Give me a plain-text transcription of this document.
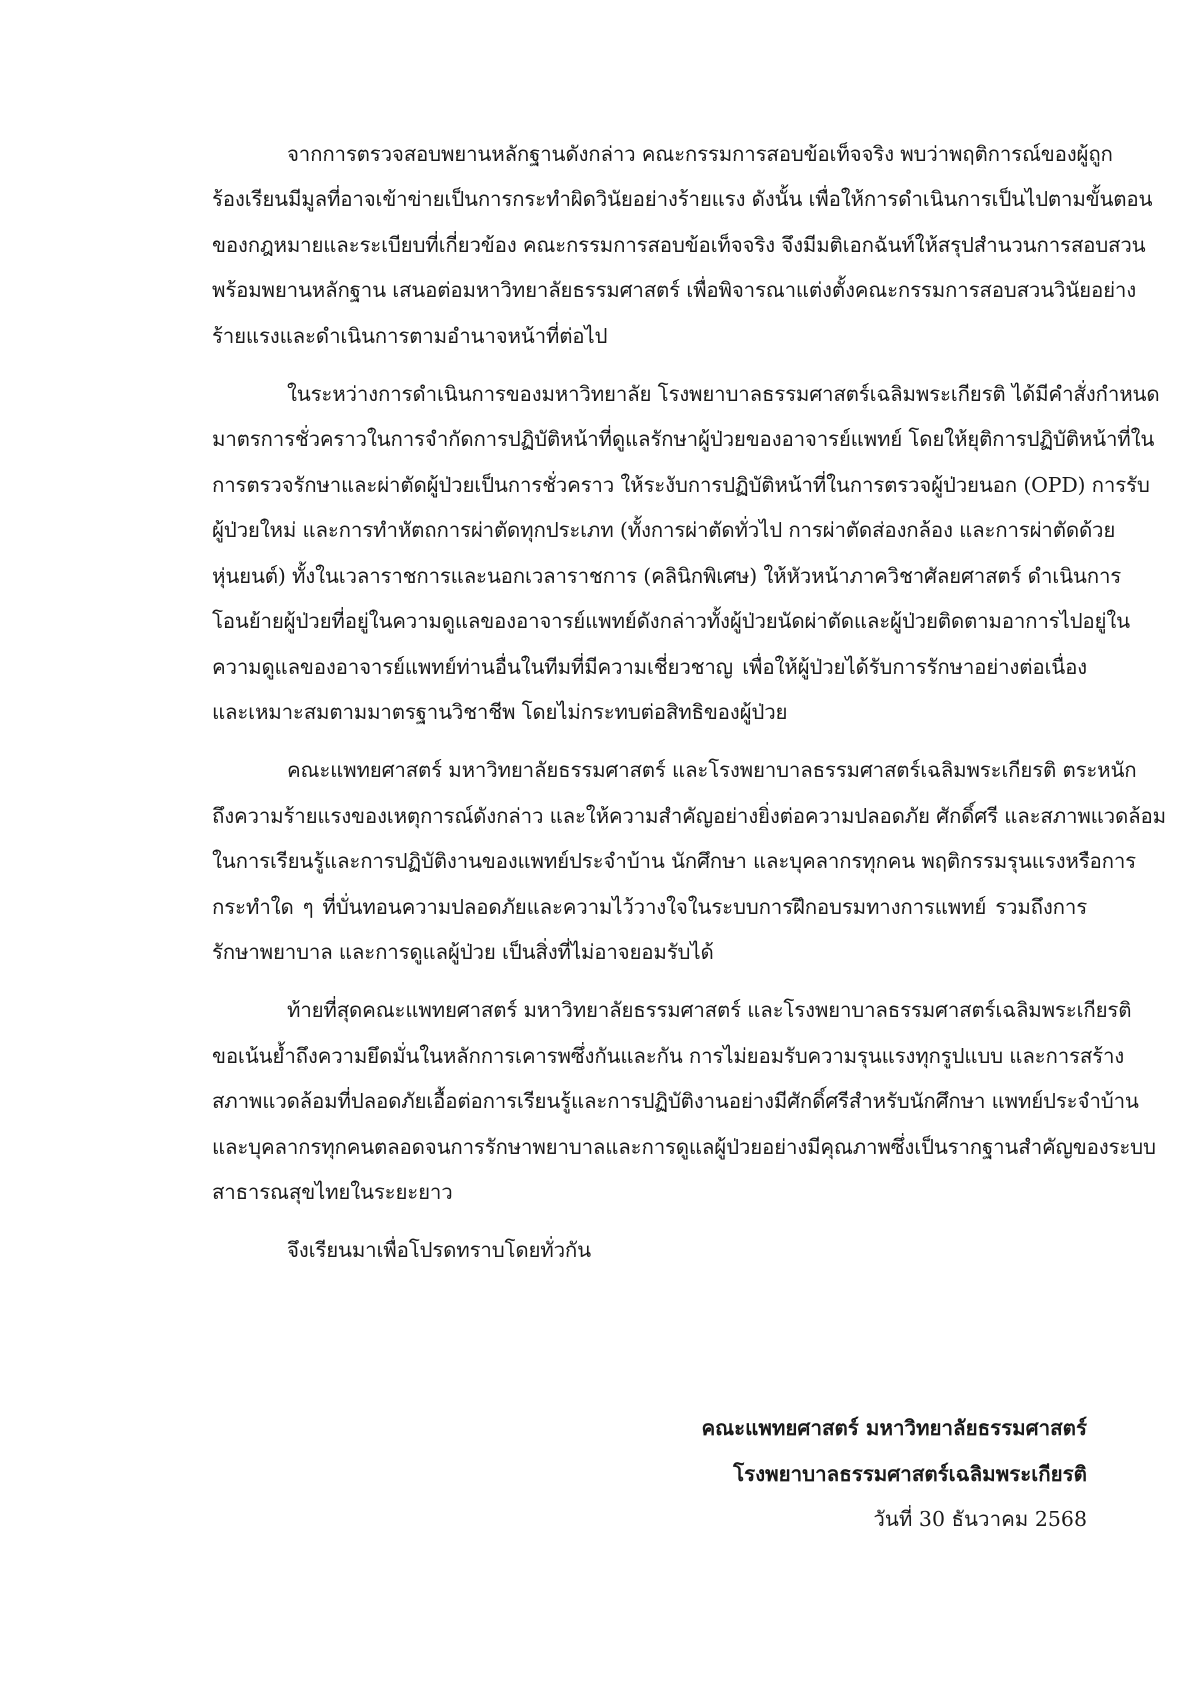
จากการตรวจสอบพยานหลักฐานดังกล่าว คณะกรรมการสอบข้อเท็จจริง พบว่าพฤติการณ์ของผู้ถูก
ร้องเรียนมีมูลที่อาจเข้าข่ายเป็นการกระทำผิดวินัยอย่างร้ายแรง ดังนั้น เพื่อให้การดำเนินการเป็นไปตามขั้นตอน
ของกฎหมายและระเบียบที่เกี่ยวข้อง คณะกรรมการสอบข้อเท็จจริง จึงมีมติเอกฉันท์ให้สรุปสำนวนการสอบสวน
พร้อมพยานหลักฐาน เสนอต่อมหาวิทยาลัยธรรมศาสตร์ เพื่อพิจารณาแต่งตั้งคณะกรรมการสอบสวนวินัยอย่าง
ร้ายแรงและดำเนินการตามอำนาจหน้าที่ต่อไป
ในระหว่างการดำเนินการของมหาวิทยาลัย โรงพยาบาลธรรมศาสตร์เฉลิมพระเกียรติ ได้มีคำสั่งกำหนด
มาตรการชั่วคราวในการจำกัดการปฏิบัติหน้าที่ดูแลรักษาผู้ป่วยของอาจารย์แพทย์ โดยให้ยุติการปฏิบัติหน้าที่ใน
การตรวจรักษาและผ่าตัดผู้ป่วยเป็นการชั่วคราว ให้ระงับการปฏิบัติหน้าที่ในการตรวจผู้ป่วยนอก (OPD) การรับ
ผู้ป่วยใหม่ และการทำหัตถการผ่าตัดทุกประเภท (ทั้งการผ่าตัดทั่วไป การผ่าตัดส่องกล้อง และการผ่าตัดด้วย
หุ่นยนต์) ทั้งในเวลาราชการและนอกเวลาราชการ (คลินิกพิเศษ) ให้หัวหน้าภาควิชาศัลยศาสตร์ ดำเนินการ
โอนย้ายผู้ป่วยที่อยู่ในความดูแลของอาจารย์แพทย์ดังกล่าวทั้งผู้ป่วยนัดผ่าตัดและผู้ป่วยติดตามอาการไปอยู่ใน
ความดูแลของอาจารย์แพทย์ท่านอื่นในทีมที่มีความเชี่ยวชาญ เพื่อให้ผู้ป่วยได้รับการรักษาอย่างต่อเนื่อง
และเหมาะสมตามมาตรฐานวิชาชีพ โดยไม่กระทบต่อสิทธิของผู้ป่วย
คณะแพทยศาสตร์ มหาวิทยาลัยธรรมศาสตร์ และโรงพยาบาลธรรมศาสตร์เฉลิมพระเกียรติ ตระหนัก
ถึงความร้ายแรงของเหตุการณ์ดังกล่าว และให้ความสำคัญอย่างยิ่งต่อความปลอดภัย ศักดิ์ศรี และสภาพแวดล้อม
ในการเรียนรู้และการปฏิบัติงานของแพทย์ประจำบ้าน นักศึกษา และบุคลากรทุกคน พฤติกรรมรุนแรงหรือการ
กระทำใด ๆ ที่บั่นทอนความปลอดภัยและความไว้วางใจในระบบการฝึกอบรมทางการแพทย์ รวมถึงการ
รักษาพยาบาล และการดูแลผู้ป่วย เป็นสิ่งที่ไม่อาจยอมรับได้
ท้ายที่สุดคณะแพทยศาสตร์ มหาวิทยาลัยธรรมศาสตร์ และโรงพยาบาลธรรมศาสตร์เฉลิมพระเกียรติ
ขอเน้นย้ำถึงความยึดมั่นในหลักการเคารพซึ่งกันและกัน การไม่ยอมรับความรุนแรงทุกรูปแบบ และการสร้าง
สภาพแวดล้อมที่ปลอดภัยเอื้อต่อการเรียนรู้และการปฏิบัติงานอย่างมีศักดิ์ศรีสำหรับนักศึกษา แพทย์ประจำบ้าน
และบุคลากรทุกคนตลอดจนการรักษาพยาบาลและการดูแลผู้ป่วยอย่างมีคุณภาพซึ่งเป็นรากฐานสำคัญของระบบ
สาธารณสุขไทยในระยะยาว
จึงเรียนมาเพื่อโปรดทราบโดยทั่วกัน
คณะแพทยศาสตร์ มหาวิทยาลัยธรรมศาสตร์
โรงพยาบาลธรรมศาสตร์เฉลิมพระเกียรติ
วันที่ 30 ธันวาคม 2568
